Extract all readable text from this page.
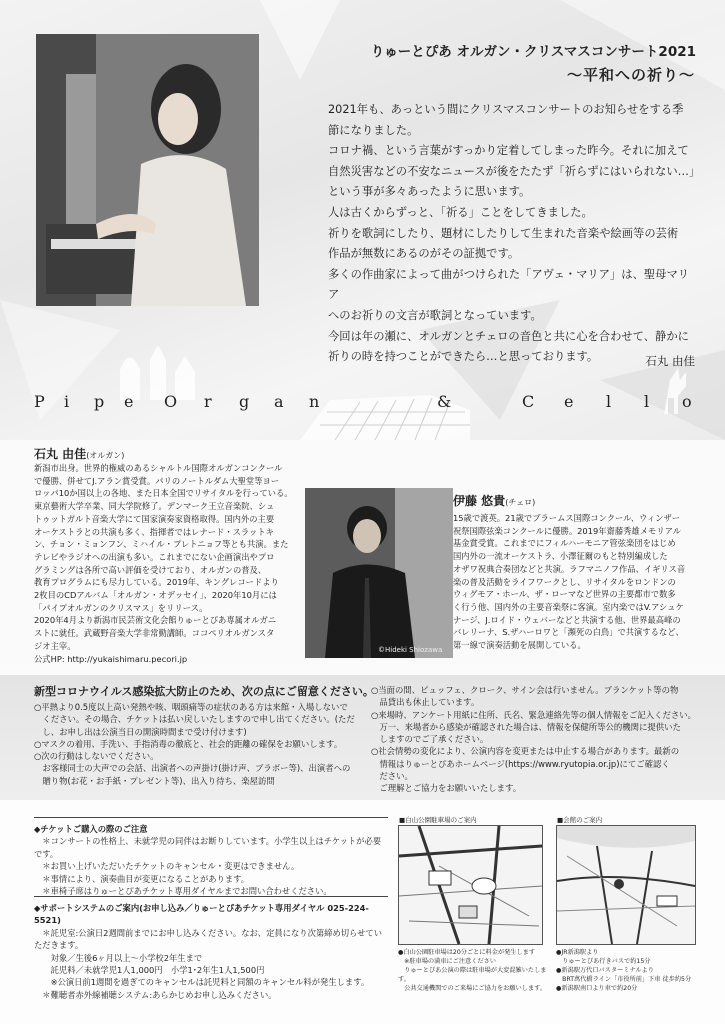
りゅーとぴあ オルガン・クリスマスコンサート2021
～平和への祈り～

2021年も、あっという間にクリスマスコンサートのお知らせをする季

節になりました。

コロナ禍、という言葉がすっかり定着してしまった昨今。それに加えて

自然災害などの不安なニュースが後をたたず「祈らずにはいられない…」

という事が多々あったように思います。

人は古くからずっと、「祈る」ことをしてきました。

祈りを歌詞にしたり、題材にしたりして生まれた音楽や絵画等の芸術

作品が無数にあるのがその証拠です。

多くの作曲家によって曲がつけられた「アヴェ・マリア」は、聖母マリア

へのお祈りの文言が歌詞となっています。

今回は年の瀬に、オルガンとチェロの音色と共に心を合わせて、静かに

祈りの時を持つことができたら…と思っております。	石丸 由佳
P i p e O r g a n	&	C e l l o
石丸 由佳(オルガン)
新潟市出身。世界的権威のあるシャルトル国際オルガンコンクール
で優勝、併せてJ.アラン賞受賞。パリのノートルダム大聖堂等ヨー
ロッパ10か国以上の各地、また日本全国でリサイタルを行っている。
東京藝術大学卒業、同大学院修了。デンマーク王立音楽院、シュ
トゥットガルト音楽大学にて国家演奏家資格取得。国内外の主要
オーケストラとの共演も多く、指揮者ではレナード・スラットキ
ン、チョン・ミョンフン、ミハイル・プレトニョフ等とも共演。また
テレビやラジオへの出演も多い。これまでにない企画演出やプロ
グラミングは各所で高い評価を受けており、オルガンの普及、
教育プログラムにも尽力している。2019年、キングレコードより
2枚目のCDアルバム「オルガン・オデッセイ」、2020年10月には
「パイプオルガンのクリスマス」をリリース。
2020年4月より新潟市民芸術文化会館りゅーとぴあ専属オルガニ
ストに就任。武蔵野音楽大学非常勤講師。ココペリオルガンスタ
ジオ主宰。
公式HP: http://yukaishimaru.pecori.jp
©Hideki Shiozawa
伊藤 悠貴(チェロ)
15歳で渡英。21歳でブラームス国際コンクール、ウィンザー
祝祭国際弦楽コンクールに優勝。2019年齋藤秀雄メモリアル
基金賞受賞。これまでにフィルハーモニア管弦楽団をはじめ
国内外の一流オーケストラ、小澤征爾のもと特別編成した
オザワ祝典合奏団などと共演。ラフマニノフ作品、イギリス音
楽の普及活動をライフワークとし、リサイタルをロンドンの
ウィグモア・ホール、ザ・ローマなど世界の主要都市で数多
く行う他、国内外の主要音楽祭に客演。室内楽ではV.アシュケ
ナージ、J.ロイド・ウェバーなどと共演する他、世界最高峰の
バレリーナ、S.ザハーロワと「瀕死の白鳥」で共演するなど、
第一線で演奏活動を展開している。
新型コロナウイルス感染拡大防止のため、次の点にご留意ください。

○平熱より0.5度以上高い発熱や咳、咽頭痛等の症状のある方は来館・入場しないで

　ください。その場合、チケットは払い戻しいたしますので申し出てください。(ただ

　し、お申し出は公演当日の開演時間まで受け付けます)

○マスクの着用、手洗い、手指消毒の徹底と、社会的距離の確保をお願いします。

○次の行動はしないでください。

　お客様同士の大声での会話、出演者への声掛け(掛け声、ブラボー等)、出演者への

　贈り物(お花・お手紙・プレゼント等)、出入り待ち、楽屋訪問

○当面の間、ビュッフェ、クローク、サイン会は行いません。ブランケット等の物

　品貸出も休止しています。

○来場時、アンケート用紙に住所、氏名、緊急連絡先等の個人情報をご記入ください。

　万一、来場者から感染が確認された場合は、情報を保健所等公的機関に提供いた

　しますのでご了承ください。

○社会情勢の変化により、公演内容を変更または中止する場合があります。最新の

　情報はりゅーとぴあホームページ(https://www.ryutopia.or.jp)にてご確認く

　ださい。

　ご理解とご協力をお願いいたします。

◆チケットご購入の際のご注意

　＊コンサートの性格上、未就学児の同伴はお断りしています。小学生以上はチケットが必要です。

　＊お買い上げいただいたチケットのキャンセル・変更はできません。

　＊事情により、演奏曲目が変更になることがあります。

　＊車椅子席はりゅーとぴあチケット専用ダイヤルまでお問い合わせください。

◆サポートシステムのご案内(お申し込み／りゅーとぴあチケット専用ダイヤル 025-224-5521)

　＊託児室:公演日2週間前までにお申し込みください。なお、定員になり次第締め切らせていただきます。

　　対象／生後6ヶ月以上～小学校2年生まで

　　託児料／未就学児1人1,000円　小学1･2年生1人1,500円

　　※公演日前1週間を過ぎてのキャンセルは託児料と同額のキャンセル料が発生します。

　＊難聴者赤外線補聴システム:あらかじめお申し込みください。

■白山公園駐車場のご案内	■会館のご案内

●白山公園駐車場は20分ごとに料金が発生します

　※駐車場の満車にご注意ください

　りゅーとぴあ公演の際は駐車場が大変混雑いたします。

　公共交通機関でのご来場にご協力をお願いします。

●JR新潟駅より

　りゅーとぴあ行きバスで約15分

●新潟駅万代口バスターミナルより

　BRT萬代橋ライン「市役所前」下車 徒歩約5分

●新潟駅南口より車で約20分
